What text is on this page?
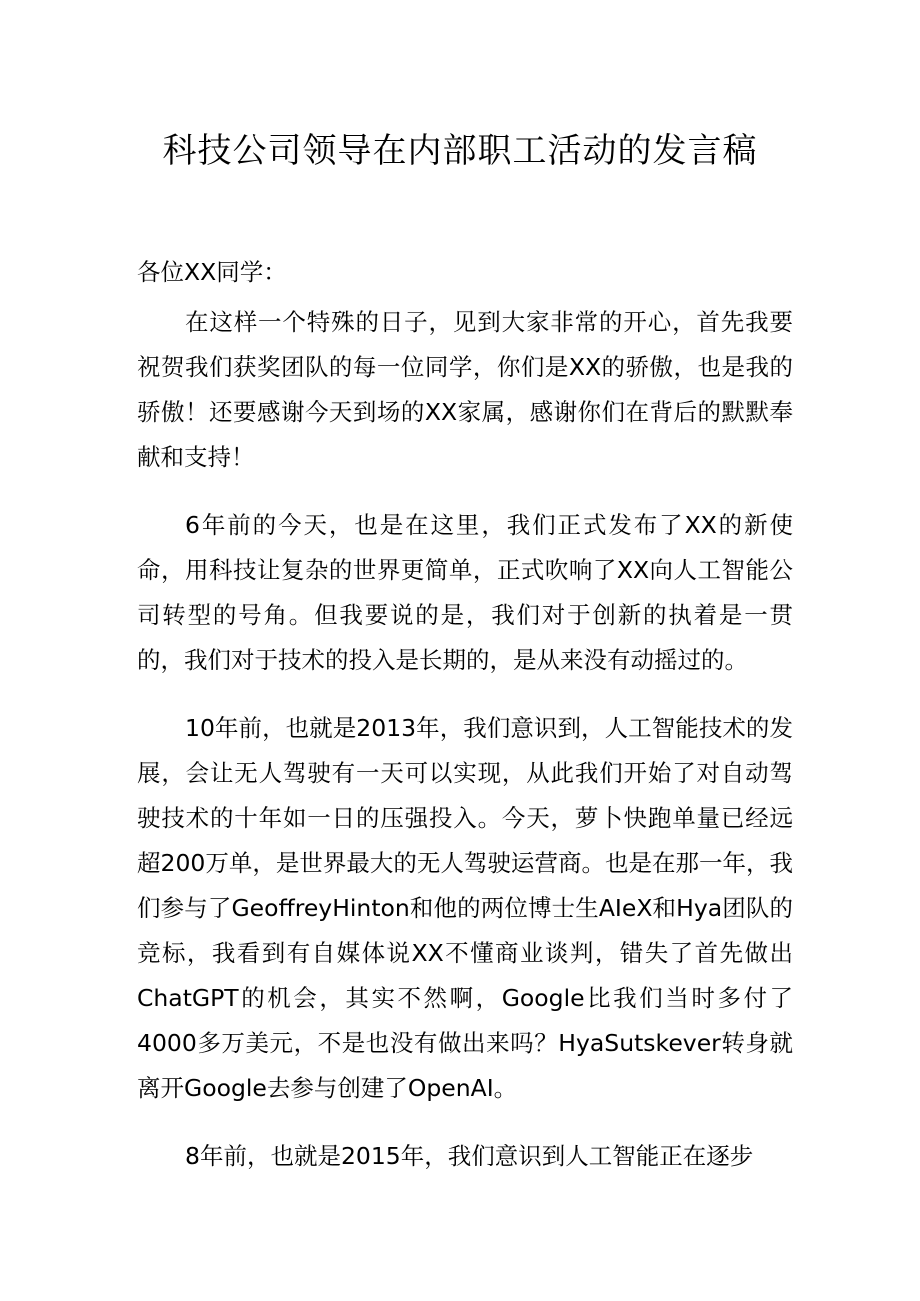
科技公司领导在内部职工活动的发言稿

各位XX同学：

在这样一个特殊的日子，见到大家非常的开心，首先我要祝贺我们获奖团队的每一位同学，你们是XX的骄傲，也是我的骄傲！还要感谢今天到场的XX家属，感谢你们在背后的默默奉献和支持！

6年前的今天，也是在这里，我们正式发布了XX的新使命，用科技让复杂的世界更简单，正式吹响了XX向人工智能公司转型的号角。但我要说的是，我们对于创新的执着是一贯的，我们对于技术的投入是长期的，是从来没有动摇过的。

10年前，也就是2013年，我们意识到，人工智能技术的发展，会让无人驾驶有一天可以实现，从此我们开始了对自动驾驶技术的十年如一日的压强投入。今天，萝卜快跑单量已经远超200万单，是世界最大的无人驾驶运营商。也是在那一年，我们参与了GeoffreyHinton和他的两位博士生AIeX和Hya团队的竞标，我看到有自媒体说XX不懂商业谈判，错失了首先做出ChatGPT的机会，其实不然啊，Google比我们当时多付了4000多万美元，不是也没有做出来吗？HyaSutskever转身就离开Google去参与创建了OpenAI。

8年前，也就是2015年，我们意识到人工智能正在逐步
